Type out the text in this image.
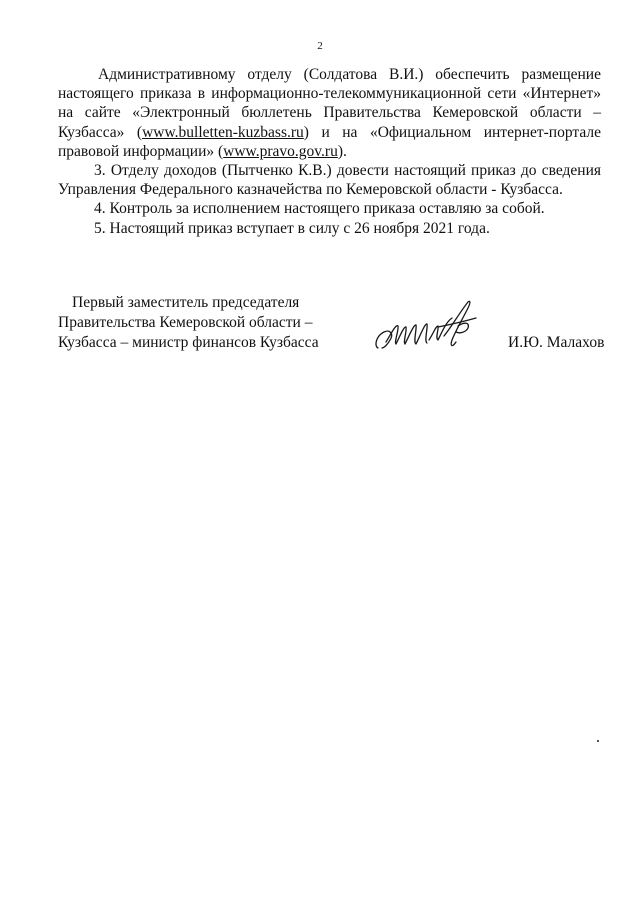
2

Административному отделу (Солдатова В.И.) обеспечить размещение настоящего приказа в информационно-телекоммуникационной сети «Интернет» на сайте «Электронный бюллетень Правительства Кемеровской области – Кузбасса» (www.bulletten-kuzbass.ru) и на «Официальном интернет-портале правовой информации» (www.pravo.gov.ru).

3. Отделу доходов (Пытченко К.В.) довести настоящий приказ до сведения Управления Федерального казначейства по Кемеровской области - Кузбасса.

4. Контроль за исполнением настоящего приказа оставляю за собой.

5. Настоящий приказ вступает в силу с 26 ноября 2021 года.

Первый заместитель председателя
Правительства Кемеровской области –
Кузбасса – министр финансов Кузбасса	И.Ю. Малахов
